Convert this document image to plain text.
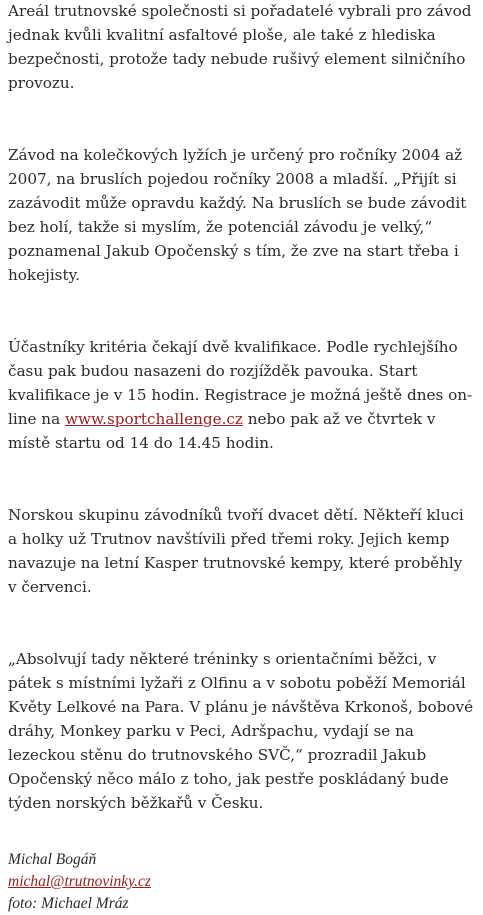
Areál trutnovské společnosti si pořadatelé vybrali pro závod jednak kvůli kvalitní asfaltové ploše, ale také z hlediska bezpečnosti, protože tady nebude rušivý element silničního provozu.

Závod na kolečkových lyžích je určený pro ročníky 2004 až 2007, na bruslích pojedou ročníky 2008 a mladší. „Přijít si zazávodit může opravdu každý. Na bruslích se bude závodit bez holí, takže si myslím, že potenciál závodu je velký,“ poznamenal Jakub Opočenský s tím, že zve na start třeba i hokejisty.

Účastníky kritéria čekají dvě kvalifikace. Podle rychlejšího času pak budou nasazeni do rozjížděk pavouka. Start kvalifikace je v 15 hodin. Registrace je možná ještě dnes on-line na www.sportchallenge.cz nebo pak až ve čtvrtek v místě startu od 14 do 14.45 hodin.

Norskou skupinu závodníků tvoří dvacet dětí. Někteří kluci a holky už Trutnov navštívili před třemi roky. Jejich kemp navazuje na letní Kasper trutnovské kempy, které proběhly v červenci.

„Absolvují tady některé tréninky s orientačními běžci, v pátek s místními lyžaři z Olfinu a v sobotu poběží Memoriál Květy Lelkové na Para. V plánu je návštěva Krkonoš, bobové dráhy, Monkey parku v Peci, Adršpachu, vydají se na lezeckou stěnu do trutnovského SVČ,“ prozradil Jakub Opočenský něco málo z toho, jak pestře poskládaný bude týden norských běžkařů v Česku.

Michal Bogáň
michal@trutnovinky.cz
foto: Michael Mráz
